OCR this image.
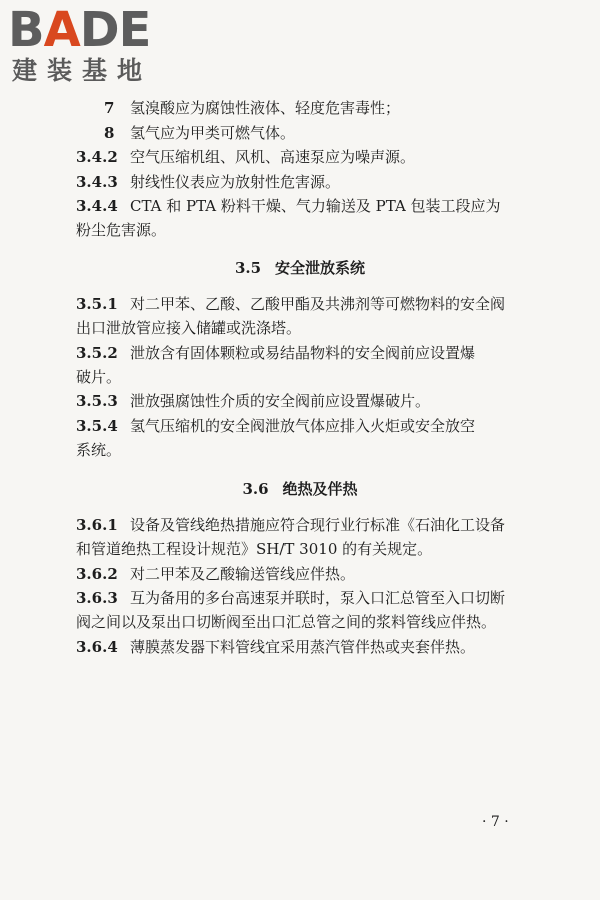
BADE
建装基地
7 氢溴酸应为腐蚀性液体、轻度危害毒性；
8 氢气应为甲类可燃气体。
3.4.2 空气压缩机组、风机、高速泵应为噪声源。
3.4.3 射线性仪表应为放射性危害源。
3.4.4 CTA 和 PTA 粉料干燥、气力输送及 PTA 包装工段应为
粉尘危害源。
3.5 安全泄放系统
3.5.1 对二甲苯、乙酸、乙酸甲酯及共沸剂等可燃物料的安全阀
出口泄放管应接入储罐或洗涤塔。
3.5.2 泄放含有固体颗粒或易结晶物料的安全阀前应设置爆
破片。
3.5.3 泄放强腐蚀性介质的安全阀前应设置爆破片。
3.5.4 氢气压缩机的安全阀泄放气体应排入火炬或安全放空
系统。
3.6 绝热及伴热
3.6.1 设备及管线绝热措施应符合现行业行标准《石油化工设备
和管道绝热工程设计规范》SH/T 3010 的有关规定。
3.6.2 对二甲苯及乙酸输送管线应伴热。
3.6.3 互为备用的多台高速泵并联时，泵入口汇总管至入口切断
阀之间以及泵出口切断阀至出口汇总管之间的浆料管线应伴热。
3.6.4 薄膜蒸发器下料管线宜采用蒸汽管伴热或夹套伴热。
· 7 ·
